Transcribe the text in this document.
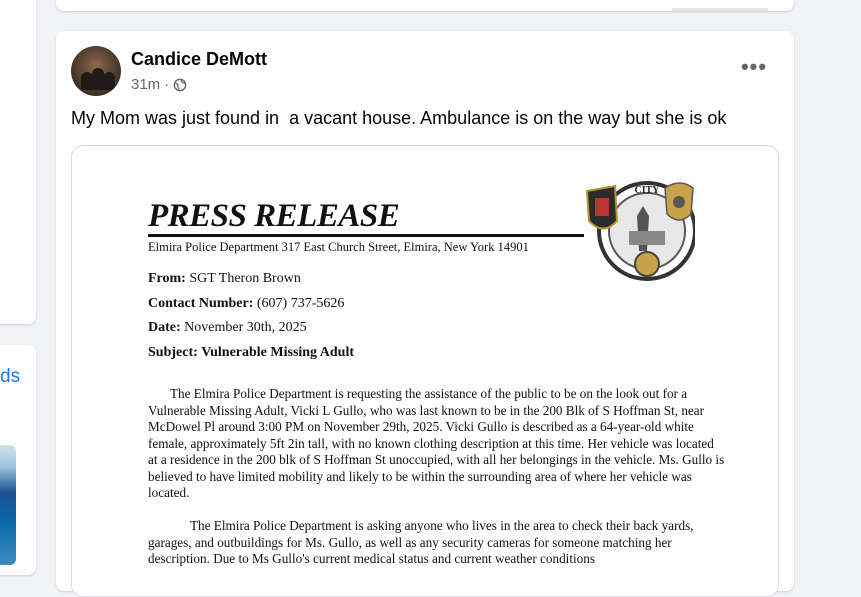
ds
Candice DeMott
31m ·
•••
My Mom was just found in  a vacant house. Ambulance is on the way but she is ok
PRESS RELEASE
Elmira Police Department 317 East Church Street, Elmira, New York 14901
CITY
From: SGT Theron Brown
Contact Number: (607) 737-5626
Date: November 30th, 2025
Subject: Vulnerable Missing Adult
The Elmira Police Department is requesting the assistance of the public to be on the look out for a Vulnerable Missing Adult, Vicki L Gullo, who was last known to be in the 200 Blk of S Hoffman St, near McDowel Pl around 3:00 PM on November 29th, 2025. Vicki Gullo is described as a 64-year-old white female, approximately 5ft 2in tall, with no known clothing description at this time. Her vehicle was located at a residence in the 200 blk of S Hoffman St unoccupied, with all her belongings in the vehicle. Ms. Gullo is believed to have limited mobility and likely to be within the surrounding area of where her vehicle was located.
The Elmira Police Department is asking anyone who lives in the area to check their back yards, garages, and outbuildings for Ms. Gullo, as well as any security cameras for someone matching her description. Due to Ms Gullo's current medical status and current weather conditions
